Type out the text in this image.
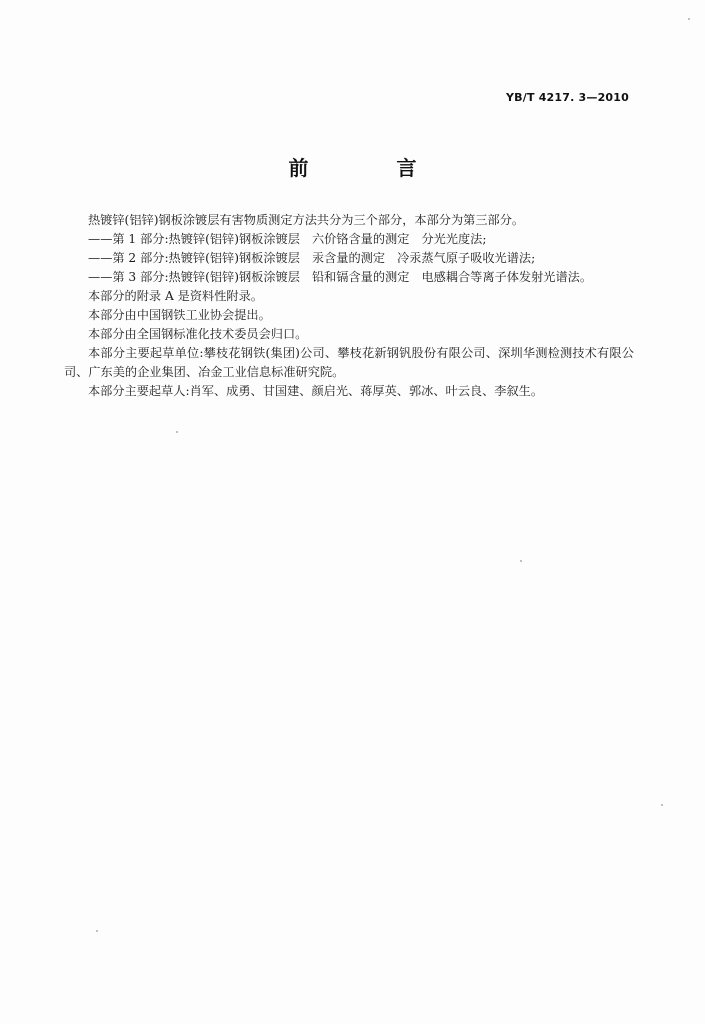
YB/T 4217. 3—2010
前　言

热镀锌(铝锌)钢板涂镀层有害物质测定方法共分为三个部分，本部分为第三部分。

——第 1 部分:热镀锌(铝锌)钢板涂镀层 六价铬含量的测定 分光光度法;

——第 2 部分:热镀锌(铝锌)钢板涂镀层 汞含量的测定 冷汞蒸气原子吸收光谱法;

——第 3 部分:热镀锌(铝锌)钢板涂镀层 铅和镉含量的测定 电感耦合等离子体发射光谱法。

本部分的附录 A 是资料性附录。

本部分由中国钢铁工业协会提出。

本部分由全国钢标准化技术委员会归口。

本部分主要起草单位:攀枝花钢铁(集团)公司、攀枝花新钢钒股份有限公司、深圳华测检测技术有限公司、广东美的企业集团、冶金工业信息标准研究院。

本部分主要起草人:肖军、成勇、甘国建、颜启光、蒋厚英、郭冰、叶云良、李叙生。
